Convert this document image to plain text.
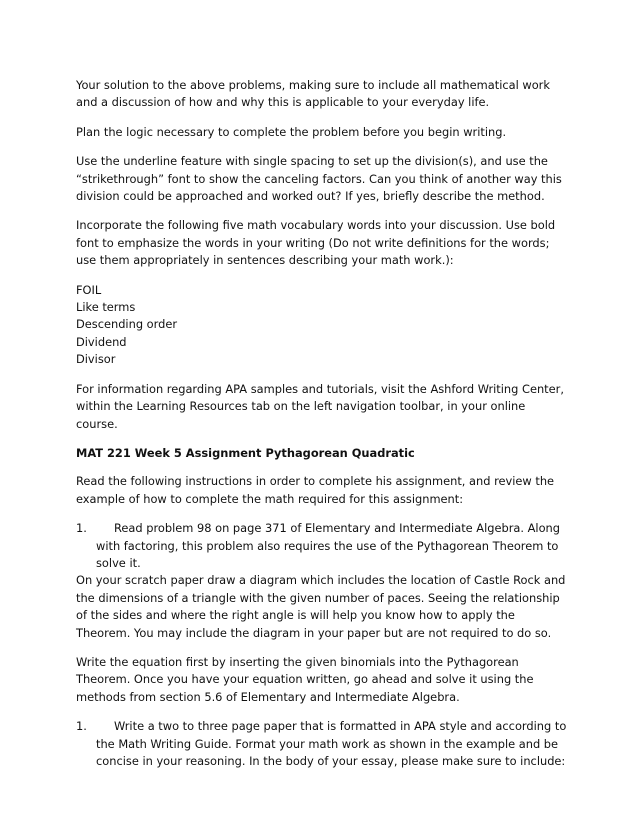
Your solution to the above problems, making sure to include all mathematical work and a discussion of how and why this is applicable to your everyday life.

Plan the logic necessary to complete the problem before you begin writing.

Use the underline feature with single spacing to set up the division(s), and use the “strikethrough” font to show the canceling factors. Can you think of another way this division could be approached and worked out? If yes, briefly describe the method.

Incorporate the following five math vocabulary words into your discussion. Use bold font to emphasize the words in your writing (Do not write definitions for the words; use them appropriately in sentences describing your math work.):

FOIL
Like terms
Descending order
Dividend
Divisor

For information regarding APA samples and tutorials, visit the Ashford Writing Center, within the Learning Resources tab on the left navigation toolbar, in your online course.

MAT 221 Week 5 Assignment Pythagorean Quadratic

Read the following instructions in order to complete his assignment, and review the example of how to complete the math required for this assignment:

1. Read problem 98 on page 371 of Elementary and Intermediate Algebra. Along with factoring, this problem also requires the use of the Pythagorean Theorem to solve it.

On your scratch paper draw a diagram which includes the location of Castle Rock and the dimensions of a triangle with the given number of paces. Seeing the relationship of the sides and where the right angle is will help you know how to apply the Theorem. You may include the diagram in your paper but are not required to do so.

Write the equation first by inserting the given binomials into the Pythagorean Theorem. Once you have your equation written, go ahead and solve it using the methods from section 5.6 of Elementary and Intermediate Algebra.

1. Write a two to three page paper that is formatted in APA style and according to the Math Writing Guide. Format your math work as shown in the example and be concise in your reasoning. In the body of your essay, please make sure to include:
